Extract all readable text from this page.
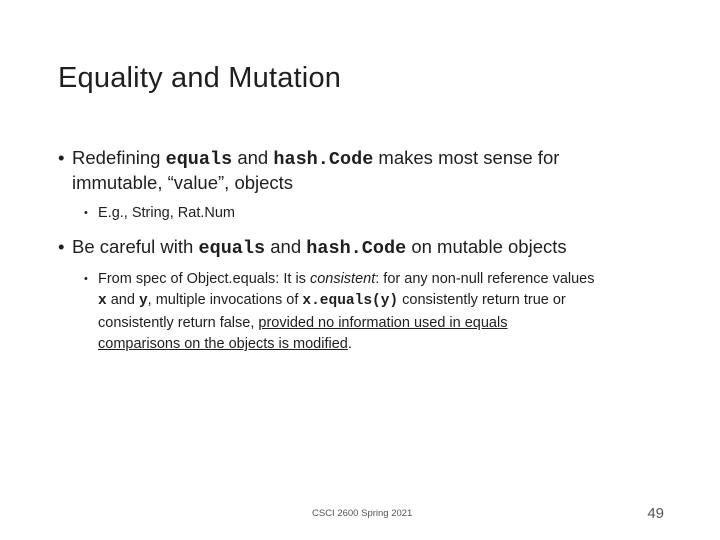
Equality and Mutation
• Redefining equals and hash.Code makes most sense for
immutable, “value”, objects
• E.g., String, Rat.Num
• Be careful with equals and hash.Code on mutable objects
• From spec of Object.equals: It is consistent: for any non-null reference values
x and y, multiple invocations of x.equals(y) consistently return true or
consistently return false, provided no information used in equals
comparisons on the objects is modified.
CSCI 2600 Spring 2021	49
